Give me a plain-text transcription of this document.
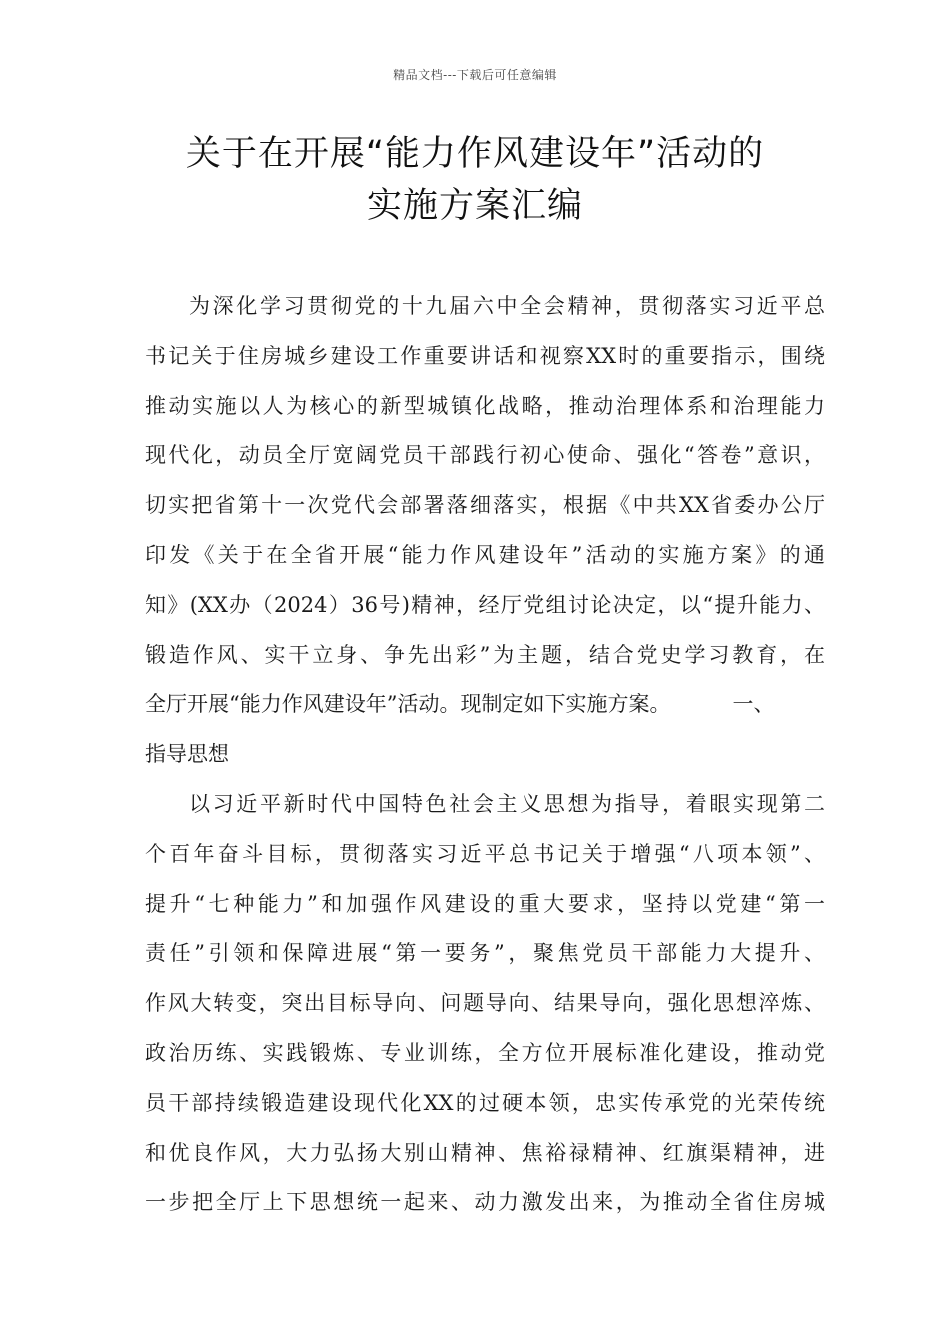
精品文档---下载后可任意编辑
关于在开展“能力作风建设年”活动的
实施方案汇编
为深化学习贯彻党的十九届六中全会精神，贯彻落实习近平总
书记关于住房城乡建设工作重要讲话和视察XX时的重要指示，围绕
推动实施以人为核心的新型城镇化战略，推动治理体系和治理能力
现代化，动员全厅宽阔党员干部践行初心使命、强化“答卷”意识，
切实把省第十一次党代会部署落细落实，根据《中共XX省委办公厅
印发《关于在全省开展“能力作风建设年”活动的实施方案》的通
知》(XX办（2024）36号)精神，经厅党组讨论决定，以“提升能力、
锻造作风、实干立身、争先出彩”为主题，结合党史学习教育，在
全厅开展“能力作风建设年”活动。现制定如下实施方案。	一、
指导思想
以习近平新时代中国特色社会主义思想为指导，着眼实现第二
个百年奋斗目标，贯彻落实习近平总书记关于增强“八项本领”、
提升“七种能力”和加强作风建设的重大要求，坚持以党建“第一
责任”引领和保障进展“第一要务”，聚焦党员干部能力大提升、
作风大转变，突出目标导向、问题导向、结果导向，强化思想淬炼、
政治历练、实践锻炼、专业训练，全方位开展标准化建设，推动党
员干部持续锻造建设现代化XX的过硬本领，忠实传承党的光荣传统
和优良作风，大力弘扬大别山精神、焦裕禄精神、红旗渠精神，进
一步把全厅上下思想统一起来、动力激发出来，为推动全省住房城
